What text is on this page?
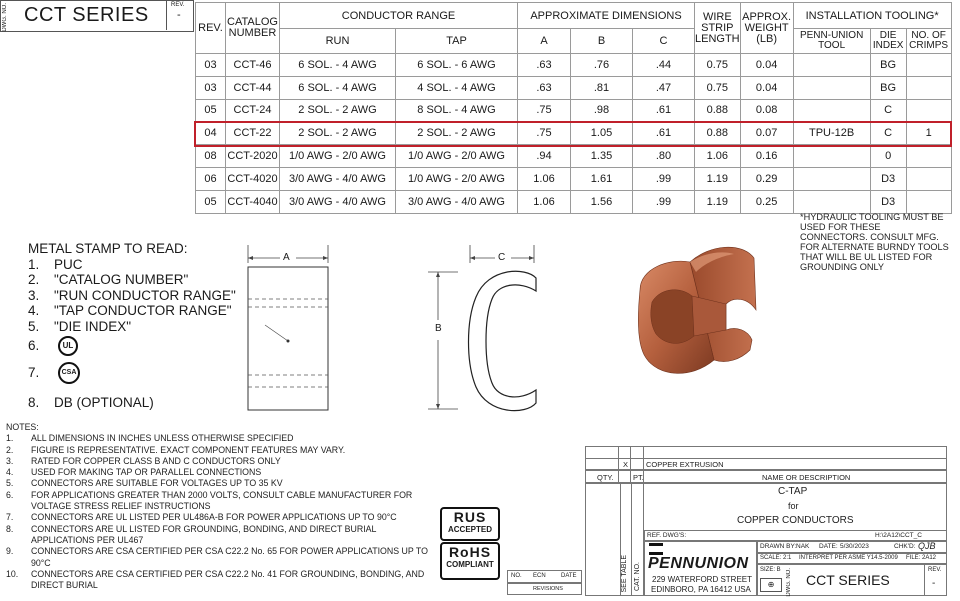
DWG. NO. CCT SERIES	REV.
-
REV.	CATALOG NUMBER	CONDUCTOR RANGE		APPROXIMATE DIMENSIONS			WIRE STRIP LENGTH	APPROX. WEIGHT (LB)	INSTALLATION TOOLING*		
		RUN	TAP	A	B	C			PENN-UNION TOOL	DIE INDEX	NO. OF CRIMPS
03	CCT-46	6 SOL. - 4 AWG	6 SOL. - 6 AWG	.63	.76	.44	0.75	0.04		BG	
03	CCT-44	6 SOL. - 4 AWG	4 SOL. - 4 AWG	.63	.81	.47	0.75	0.04		BG	
05	CCT-24	2 SOL. - 2 AWG	8 SOL. - 4 AWG	.75	.98	.61	0.88	0.08		C	
04	CCT-22	2 SOL. - 2 AWG	2 SOL. - 2 AWG	.75	1.05	.61	0.88	0.07	TPU-12B	C	1
08	CCT-2020	1/0 AWG - 2/0 AWG	1/0 AWG - 2/0 AWG	.94	1.35	.80	1.06	0.16		0	
06	CCT-4020	3/0 AWG - 4/0 AWG	1/0 AWG - 2/0 AWG	1.06	1.61	.99	1.19	0.29		D3	
05	CCT-4040	3/0 AWG - 4/0 AWG	3/0 AWG - 4/0 AWG	1.06	1.56	.99	1.19	0.25		D3	
*HYDRAULIC TOOLING MUST BE USED FOR THESE CONNECTORS. CONSULT MFG. FOR ALTERNATE BURNDY TOOLS THAT WILL BE UL LISTED FOR GROUNDING ONLY
METAL STAMP TO READ:
1.	PUC
2.	"CATALOG NUMBER"
3.	"RUN CONDUCTOR RANGE"
4.	"TAP CONDUCTOR RANGE"
5.	"DIE INDEX"
6.	UL
7.	CSA
8.	DB (OPTIONAL)
A	C
B
NOTES:
1.	ALL DIMENSIONS IN INCHES UNLESS OTHERWISE SPECIFIED
2.	FIGURE IS REPRESENTATIVE. EXACT COMPONENT FEATURES MAY VARY.
3.	RATED FOR COPPER CLASS B AND C CONDUCTORS ONLY
4.	USED FOR MAKING TAP OR PARALLEL CONNECTIONS
5.	CONNECTORS ARE SUITABLE FOR VOLTAGES UP TO 35 KV
6.	FOR APPLICATIONS GREATER THAN 2000 VOLTS, CONSULT CABLE MANUFACTURER FOR VOLTAGE STRESS RELIEF INSTRUCTIONS
7.	CONNECTORS ARE UL LISTED PER UL486A-B FOR POWER APPLICATIONS UP TO 90°C
8.	CONNECTORS ARE UL LISTED FOR GROUNDING, BONDING, AND DIRECT BURIAL APPLICATIONS PER UL467
9.	CONNECTORS ARE CSA CERTIFIED PER CSA C22.2 No. 65 FOR POWER APPLICATIONS UP TO 90°C
10.	CONNECTORS ARE CSA CERTIFIED PER CSA C22.2 No. 41 FOR GROUNDING, BONDING, AND DIRECT BURIAL
RUS
ACCEPTED
RoHS
COMPLIANT
NO. ECN	DATE
REVISIONS
X COPPER EXTRUSION
QTY.	PT.	NAME OR DESCRIPTION
C-TAP
for
COPPER CONDUCTORS
SEE TABLE CAT. NO.
REF. DWG'S:	H:\2A12\CCT_C
PENNUNION
229 WATERFORD STREET
EDINBORO, PA 16412 USA
DRAWN BY: NAK DATE: 5/30/2023	CHK'D: QJB
SCALE: 2:1 INTERPRET PER ASME Y14.5-2009 FILE: 2A12
SIZE: B
⊕	DWG. NO. CCT SERIES
REV.
-
